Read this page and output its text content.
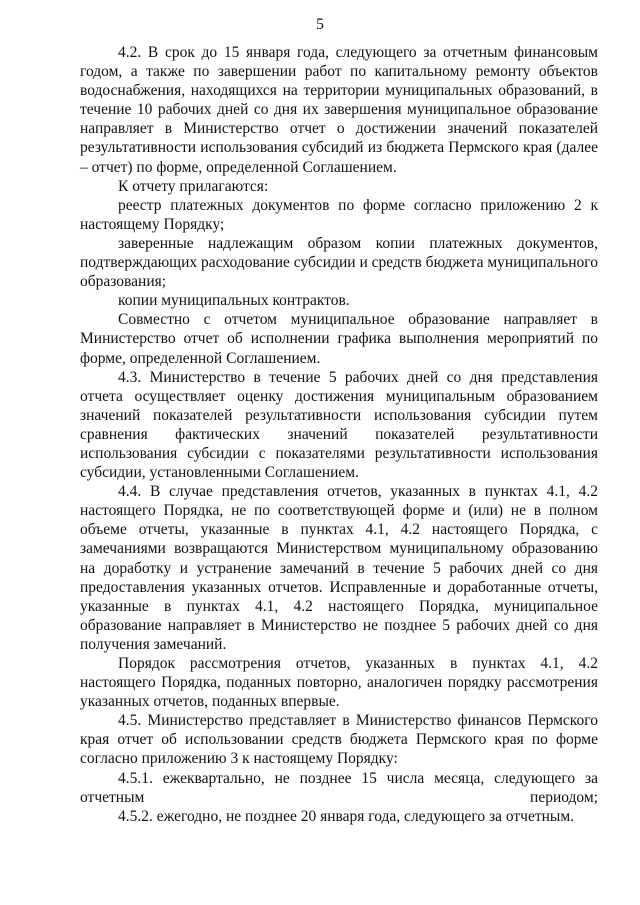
5

4.2. В срок до 15 января года, следующего за отчетным финансовым годом, а также по завершении работ по капитальному ремонту объектов водоснабжения, находящихся на территории муниципальных образований, в течение 10 рабочих дней со дня их завершения муниципальное образование направляет в Министерство отчет о достижении значений показателей результативности использования субсидий из бюджета Пермского края (далее – отчет) по форме, определенной Соглашением.

К отчету прилагаются:

реестр платежных документов по форме согласно приложению 2 к настоящему Порядку;

заверенные надлежащим образом копии платежных документов, подтверждающих расходование субсидии и средств бюджета муниципального образования;

копии муниципальных контрактов.

Совместно с отчетом муниципальное образование направляет в Министерство отчет об исполнении графика выполнения мероприятий по форме, определенной Соглашением.

4.3. Министерство в течение 5 рабочих дней со дня представления отчета осуществляет оценку достижения муниципальным образованием значений показателей результативности использования субсидии путем сравнения фактических значений показателей результативности использования субсидии с показателями результативности использования субсидии, установленными Соглашением.

4.4. В случае представления отчетов, указанных в пунктах 4.1, 4.2 настоящего Порядка, не по соответствующей форме и (или) не в полном объеме отчеты, указанные в пунктах 4.1, 4.2 настоящего Порядка, с замечаниями возвращаются Министерством муниципальному образованию на доработку и устранение замечаний в течение 5 рабочих дней со дня предоставления указанных отчетов. Исправленные и доработанные отчеты, указанные в пунктах 4.1, 4.2 настоящего Порядка, муниципальное образование направляет в Министерство не позднее 5 рабочих дней со дня получения замечаний.

Порядок рассмотрения отчетов, указанных в пунктах 4.1, 4.2 настоящего Порядка, поданных повторно, аналогичен порядку рассмотрения указанных отчетов, поданных впервые.

4.5. Министерство представляет в Министерство финансов Пермского края отчет об использовании средств бюджета Пермского края по форме согласно приложению 3 к настоящему Порядку:

4.5.1. ежеквартально, не позднее 15 числа месяца, следующего за отчетным периодом;

4.5.2. ежегодно, не позднее 20 января года, следующего за отчетным.
